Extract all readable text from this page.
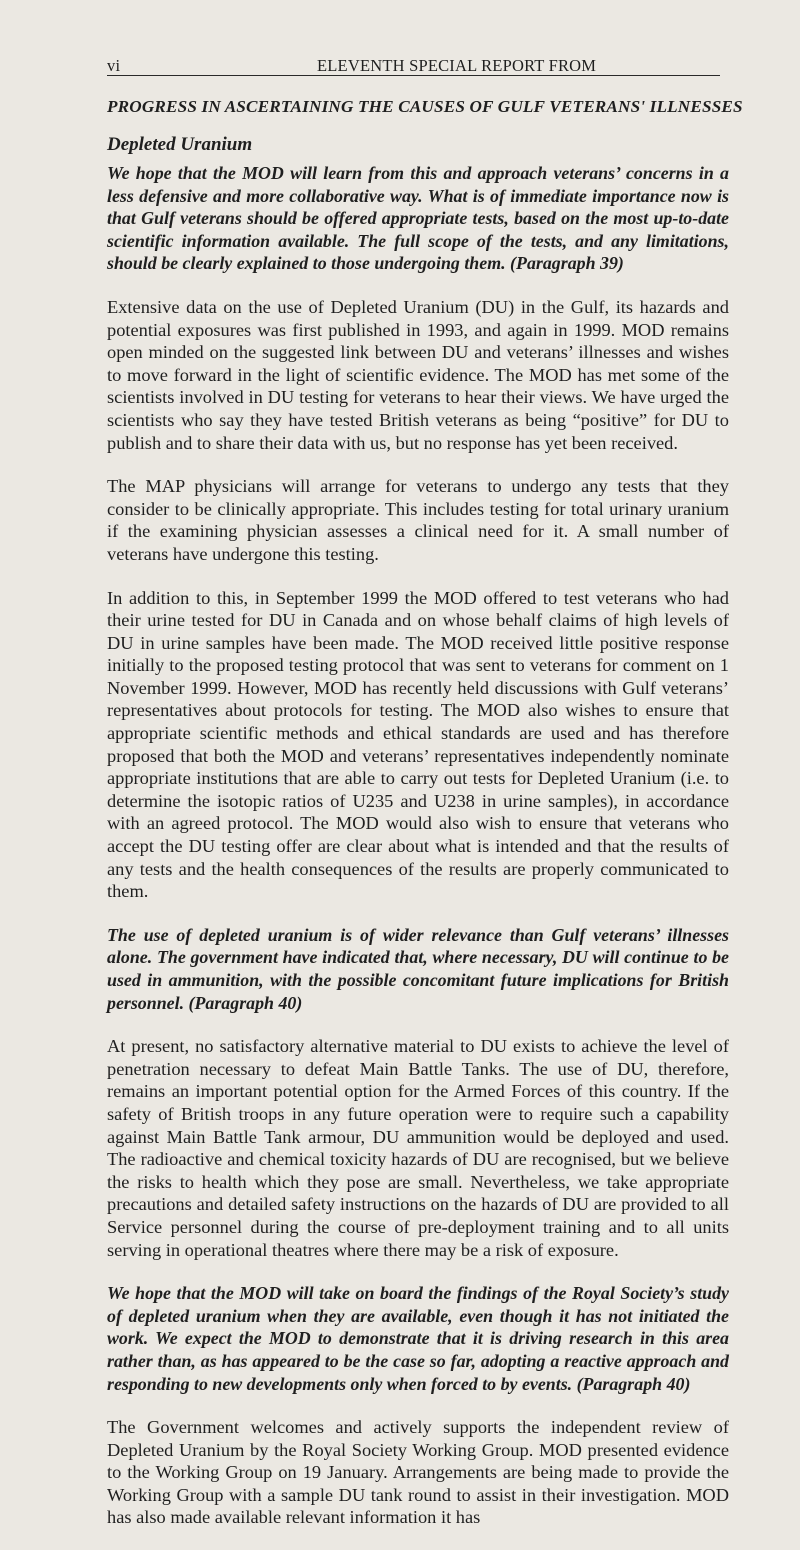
vi	ELEVENTH SPECIAL REPORT FROM
PROGRESS IN ASCERTAINING THE CAUSES OF GULF VETERANS' ILLNESSES
Depleted Uranium

We hope that the MOD will learn from this and approach veterans’ concerns in a less defensive and more collaborative way. What is of immediate importance now is that Gulf veterans should be offered appropriate tests, based on the most up-to-date scientific information available. The full scope of the tests, and any limitations, should be clearly explained to those undergoing them. (Paragraph 39)

Extensive data on the use of Depleted Uranium (DU) in the Gulf, its hazards and potential exposures was first published in 1993, and again in 1999. MOD remains open minded on the suggested link between DU and veterans’ illnesses and wishes to move forward in the light of scientific evidence. The MOD has met some of the scientists involved in DU testing for veterans to hear their views. We have urged the scientists who say they have tested British veterans as being “positive” for DU to publish and to share their data with us, but no response has yet been received.

The MAP physicians will arrange for veterans to undergo any tests that they consider to be clinically appropriate. This includes testing for total urinary uranium if the examining physician assesses a clinical need for it. A small number of veterans have undergone this testing.

In addition to this, in September 1999 the MOD offered to test veterans who had their urine tested for DU in Canada and on whose behalf claims of high levels of DU in urine samples have been made. The MOD received little positive response initially to the proposed testing protocol that was sent to veterans for comment on 1 November 1999. However, MOD has recently held discussions with Gulf veterans’ representatives about protocols for testing. The MOD also wishes to ensure that appropriate scientific methods and ethical standards are used and has therefore proposed that both the MOD and veterans’ representatives independently nominate appropriate institutions that are able to carry out tests for Depleted Uranium (i.e. to determine the isotopic ratios of U235 and U238 in urine samples), in accordance with an agreed protocol. The MOD would also wish to ensure that veterans who accept the DU testing offer are clear about what is intended and that the results of any tests and the health consequences of the results are properly communicated to them.

The use of depleted uranium is of wider relevance than Gulf veterans’ illnesses alone. The government have indicated that, where necessary, DU will continue to be used in ammunition, with the possible concomitant future implications for British personnel. (Paragraph 40)

At present, no satisfactory alternative material to DU exists to achieve the level of penetration necessary to defeat Main Battle Tanks. The use of DU, therefore, remains an important potential option for the Armed Forces of this country. If the safety of British troops in any future operation were to require such a capability against Main Battle Tank armour, DU ammunition would be deployed and used. The radioactive and chemical toxicity hazards of DU are recognised, but we believe the risks to health which they pose are small. Nevertheless, we take appropriate precautions and detailed safety instructions on the hazards of DU are provided to all Service personnel during the course of pre-deployment training and to all units serving in operational theatres where there may be a risk of exposure.

We hope that the MOD will take on board the findings of the Royal Society’s study of depleted uranium when they are available, even though it has not initiated the work. We expect the MOD to demonstrate that it is driving research in this area rather than, as has appeared to be the case so far, adopting a reactive approach and responding to new developments only when forced to by events. (Paragraph 40)

The Government welcomes and actively supports the independent review of Depleted Uranium by the Royal Society Working Group. MOD presented evidence to the Working Group on 19 January. Arrangements are being made to provide the Working Group with a sample DU tank round to assist in their investigation. MOD has also made available relevant information it has
